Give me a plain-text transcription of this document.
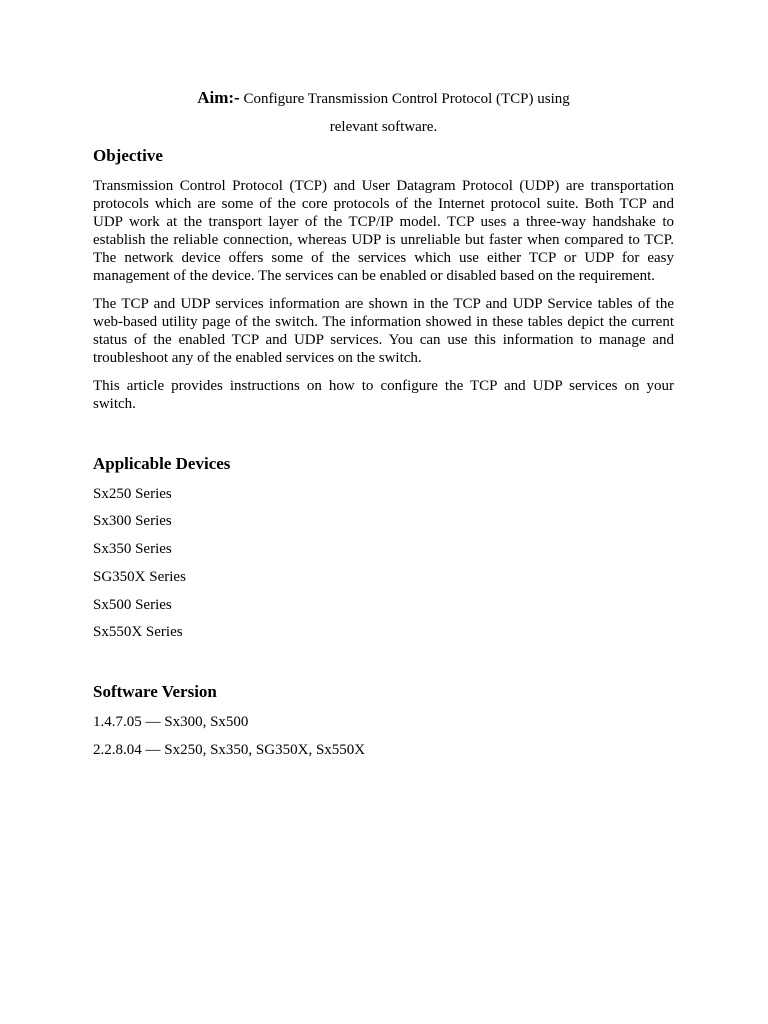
Aim:- Configure Transmission Control Protocol (TCP) using
relevant software.
Objective

Transmission Control Protocol (TCP) and User Datagram Protocol (UDP) are transportation protocols which are some of the core protocols of the Internet protocol suite. Both TCP and UDP work at the transport layer of the TCP/IP model. TCP uses a three-way handshake to establish the reliable connection, whereas UDP is unreliable but faster when compared to TCP. The network device offers some of the services which use either TCP or UDP for easy management of the device. The services can be enabled or disabled based on the requirement.

The TCP and UDP services information are shown in the TCP and UDP Service tables of the web-based utility page of the switch. The information showed in these tables depict the current status of the enabled TCP and UDP services. You can use this information to manage and troubleshoot any of the enabled services on the switch.

This article provides instructions on how to configure the TCP and UDP services on your switch.

Applicable Devices

Sx250 Series

Sx300 Series

Sx350 Series

SG350X Series

Sx500 Series

Sx550X Series

Software Version

1.4.7.05 — Sx300, Sx500

2.2.8.04 — Sx250, Sx350, SG350X, Sx550X
